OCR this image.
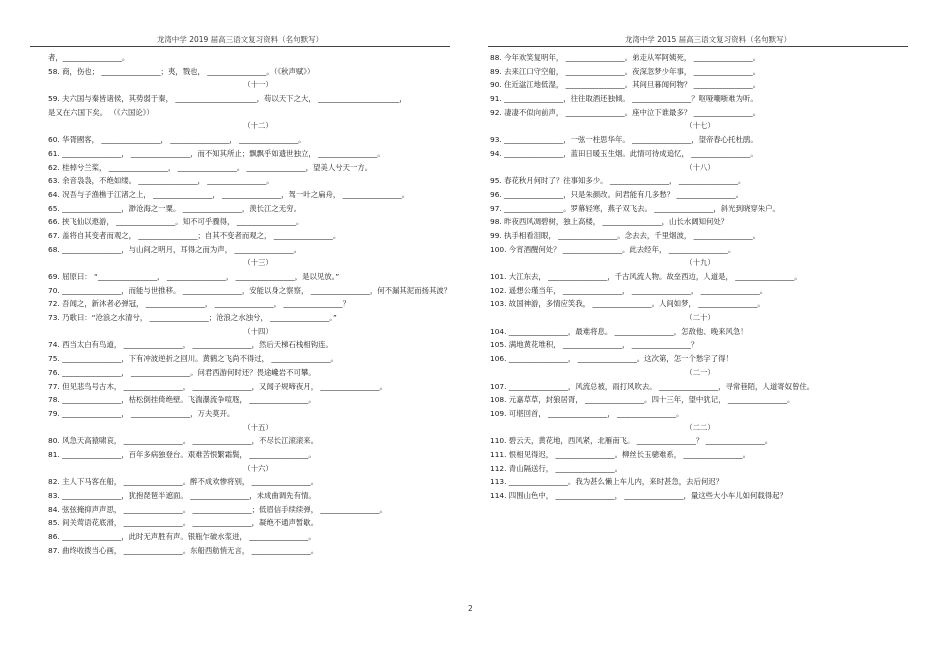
龙湾中学 2019 届高三语文复习资料（名句默写）	龙湾中学 2015 届高三语文复习资料（名句默写）
者，________________。
58. 商，伤也； ________________；夷，戮也， ________________。（《秋声赋》）
（十一）
59. 夫六国与秦皆诸侯，其势弱于秦， ______________________，苟以天下之大， ______________________，
是又在六国下矣。 （《六国论》）
（十二）
60. 华胥國客， ________________， ________________， ________________。
61. ________________， ________________，而不知其所止；飘飘乎如遗世独立， ________________。
62. 桂棹兮兰桨， ________________， ________________。 ________________，望美人兮天一方。
63. 余音袅袅，不绝如缕。 ________________， ________________。
64. 况吾与子渔樵于江渚之上， ________________， ________________，驾一叶之扁舟， ________________。
65. ________________，渺沧海之一粟。 ________________，羡长江之无穷。
66. 挟飞仙以遨游， ________________。知不可乎骤得， ________________。
67. 盖将自其变者而观之， ________________；自其不变者而观之， ________________。
68. ________________，与山间之明月，耳得之而为声， ________________。
（十三）
69. 屈原曰： “________________， ________________， ________________，是以见放。”
70. ________________，而能与世推移。 ________________，安能以身之察察， ________________，何不漏其泥而扬其波？
72. 吾闻之，新沐者必弹冠， ________________， ________________， ________________？
73. 乃歌曰：“沧浪之水清兮， ________________；沧浪之水浊兮， ________________。”
（十四）
74. 西当太白有鸟道， ________________， ________________，然后天梯石栈相钩连。
75. ________________，下有冲波逆折之回川。黄鹤之飞尚不得过， ________________。
76. ________________， ________________。问君西游何时还？畏途巉岩不可攀。
77. 但见悲鸟号古木， ________________， ________________，又闻子规啼夜月， ________________。
78. ________________，枯松倒挂倚绝壁。飞湍瀑流争喧豗， ________________。
79. ________________， ________________，万夫莫开。
（十五）
80. 风急天高猿啸哀， ________________。 ________________，不尽长江滚滚来。
81. ________________，百年多病独登台。艰难苦恨繁霜鬓， ________________。
（十六）
82. 主人下马客在船， ________________。醉不成欢惨将别， ________________。
83. ________________，犹抱琵琶半遮面。 ________________，未成曲调先有情。
84. 弦弦掩抑声声思， ________________。 ________________；低眉信手续续弹， ________________。
85. 间关莺语花底滑， ________________。 ________________，凝绝不通声暂歇。
86. ________________，此时无声胜有声。银瓶乍破水浆迸， ________________。
87. 曲终收拨当心画， ________________。东船西舫悄无言， ________________。
88. 今年欢笑复明年， ________________。弟走从军阿姨死， ________________。
89. 去来江口守空船， ________________。夜深忽梦少年事， ________________。
90. 住近湓江地低湿， ________________。其间旦暮闻何物？ ________________。
91. ________________，往往取酒还独倾。 ________________？呕哑嘲哳难为听。
92. 凄凄不似向前声， ________________。座中泣下谁最多？ ________________。
（十七）
93. ________________，一弦一柱思华年。 ________________，望帝春心托杜鹃。
94. ________________，蓝田日暖玉生烟。此情可待成追忆， ________________。
（十八）
95. 春花秋月何时了？往事知多少。 ________________， ________________。
96. ________________，只是朱颜改。问君能有几多愁？ ________________。
97. ________________。罗幕轻寒，燕子双飞去。 ________________，斜光到晓穿朱户。
98. 昨夜西风凋碧树，独上高楼， ________________，山长水阔知何处？
99. 执手相看泪眼， ________________。念去去，千里烟波， ________________。
100. 今宵酒醒何处？ ________________。此去经年， ________________。
（十九）
101. 大江东去， ________________，千古风流人物。故垒西边，人道是， ________________。
102. 遥想公瑾当年， ________________， ________________， ________________。
103. 故国神游，多情应笑我， ________________。人间如梦， ________________。
（二十）
104. ________________，最难将息。 ________________，怎敌他、晚来风急！
105. 满地黄花堆积， ________________， ________________？
106. ________________， ________________。这次第，怎一个愁字了得！
（二一）
107. ________________，风流总被，雨打风吹去。 ________________，寻常巷陌，人道寄奴曾住。
108. 元嘉草草，封狼居胥， ________________。四十三年，望中犹记， ________________。
109. 可堪回首， ________________， ________________。
（二二）
110. 碧云天，黄花地，西风紧，北雁南飞。 ________________？ ________________。
111. 恨相见得迟， ________________。柳丝长玉骢难系， ________________。
112. 青山隔送行， ________________。
113. ________________。我为甚么懒上车儿内，来时甚急，去后何迟？
114. 四围山色中， ________________， ________________，量这些大小车儿如何载得起？
2
